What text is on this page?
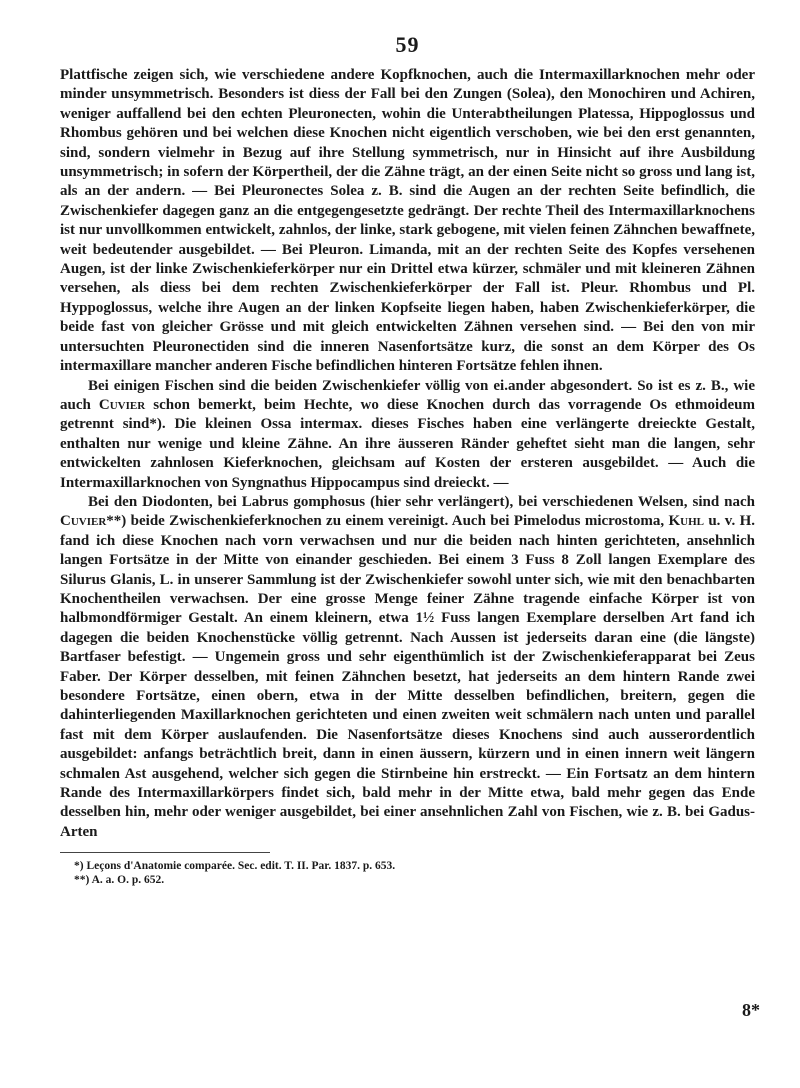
59

Plattfische zeigen sich, wie verschiedene andere Kopfknochen, auch die Intermaxillarknochen mehr oder minder unsymmetrisch. Besonders ist diess der Fall bei den Zungen (Solea), den Monochiren und Achiren, weniger auffallend bei den echten Pleuronecten, wohin die Unterabtheilungen Platessa, Hippoglossus und Rhombus gehören und bei welchen diese Knochen nicht eigentlich verschoben, wie bei den erst genannten, sind, sondern vielmehr in Bezug auf ihre Stellung symmetrisch, nur in Hinsicht auf ihre Ausbildung unsymmetrisch; in sofern der Körpertheil, der die Zähne trägt, an der einen Seite nicht so gross und lang ist, als an der andern. — Bei Pleuronectes Solea z. B. sind die Augen an der rechten Seite befindlich, die Zwischenkiefer dagegen ganz an die entgegengesetzte gedrängt. Der rechte Theil des Intermaxillarknochens ist nur unvollkommen entwickelt, zahnlos, der linke, stark gebogene, mit vielen feinen Zähnchen bewaffnete, weit bedeutender ausgebildet. — Bei Pleuron. Limanda, mit an der rechten Seite des Kopfes versehenen Augen, ist der linke Zwischenkieferkörper nur ein Drittel etwa kürzer, schmäler und mit kleineren Zähnen versehen, als diess bei dem rechten Zwischenkieferkörper der Fall ist. Pleur. Rhombus und Pl. Hyppoglossus, welche ihre Augen an der linken Kopfseite liegen haben, haben Zwischenkieferkörper, die beide fast von gleicher Grösse und mit gleich entwickelten Zähnen versehen sind. — Bei den von mir untersuchten Pleuronectiden sind die inneren Nasenfortsätze kurz, die sonst an dem Körper des Os intermaxillare mancher anderen Fische befindlichen hinteren Fortsätze fehlen ihnen.

Bei einigen Fischen sind die beiden Zwischenkiefer völlig von ei.ander abgesondert. So ist es z. B., wie auch Cuvier schon bemerkt, beim Hechte, wo diese Knochen durch das vorragende Os ethmoideum getrennt sind*). Die kleinen Ossa intermax. dieses Fisches haben eine verlängerte dreieckte Gestalt, enthalten nur wenige und kleine Zähne. An ihre äusseren Ränder geheftet sieht man die langen, sehr entwickelten zahnlosen Kieferknochen, gleichsam auf Kosten der ersteren ausgebildet. — Auch die Intermaxillarknochen von Syngnathus Hippocampus sind dreieckt. —

Bei den Diodonten, bei Labrus gomphosus (hier sehr verlängert), bei verschiedenen Welsen, sind nach Cuvier**) beide Zwischenkieferknochen zu einem vereinigt. Auch bei Pimelodus microstoma, Kuhl u. v. H. fand ich diese Knochen nach vorn verwachsen und nur die beiden nach hinten gerichteten, ansehnlich langen Fortsätze in der Mitte von einander geschieden. Bei einem 3 Fuss 8 Zoll langen Exemplare des Silurus Glanis, L. in unserer Sammlung ist der Zwischenkiefer sowohl unter sich, wie mit den benachbarten Knochentheilen verwachsen. Der eine grosse Menge feiner Zähne tragende einfache Körper ist von halbmondförmiger Gestalt. An einem kleinern, etwa 1½ Fuss langen Exemplare derselben Art fand ich dagegen die beiden Knochenstücke völlig getrennt. Nach Aussen ist jederseits daran eine (die längste) Bartfaser befestigt. — Ungemein gross und sehr eigenthümlich ist der Zwischenkieferapparat bei Zeus Faber. Der Körper desselben, mit feinen Zähnchen besetzt, hat jederseits an dem hintern Rande zwei besondere Fortsätze, einen obern, etwa in der Mitte desselben befindlichen, breitern, gegen die dahinterliegenden Maxillarknochen gerichteten und einen zweiten weit schmälern nach unten und parallel fast mit dem Körper auslaufenden. Die Nasenfortsätze dieses Knochens sind auch ausserordentlich ausgebildet: anfangs beträchtlich breit, dann in einen äussern, kürzern und in einen innern weit längern schmalen Ast ausgehend, welcher sich gegen die Stirnbeine hin erstreckt. — Ein Fortsatz an dem hintern Rande des Intermaxillarkörpers findet sich, bald mehr in der Mitte etwa, bald mehr gegen das Ende desselben hin, mehr oder weniger ausgebildet, bei einer ansehnlichen Zahl von Fischen, wie z. B. bei Gadus-Arten

*) Leçons d'Anatomie comparée. Sec. edit. T. II. Par. 1837. p. 653.

**) A. a. O. p. 652.

8*
